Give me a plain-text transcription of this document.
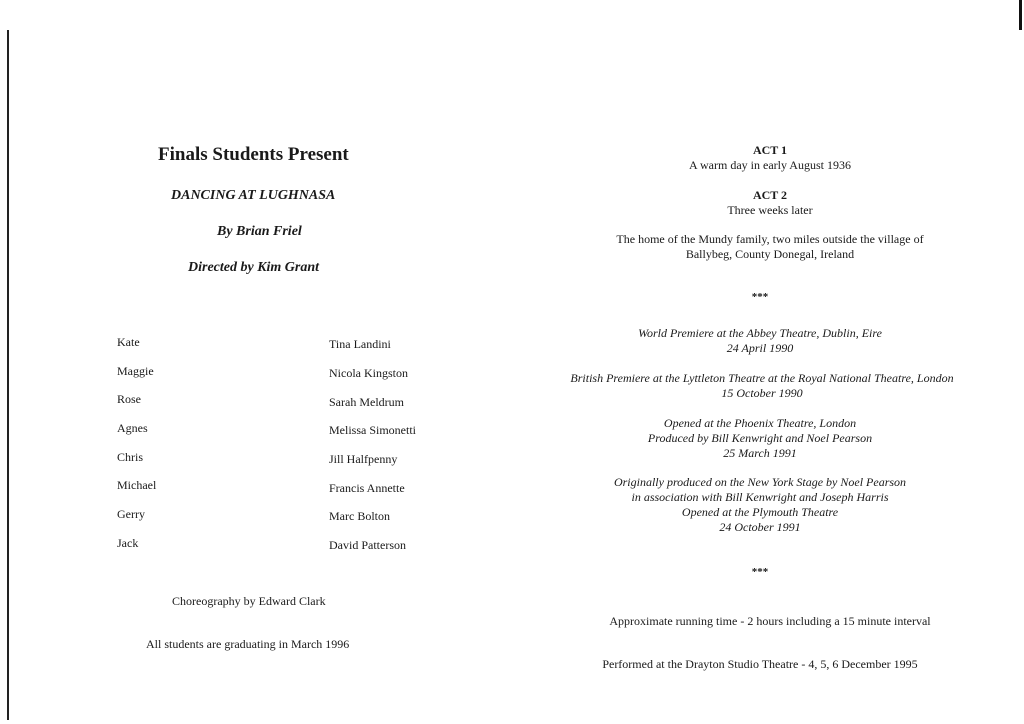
Finals Students Present
DANCING AT LUGHNASA
By Brian Friel
Directed by Kim Grant
Kate	Tina Landini
Maggie	Nicola Kingston
Rose	Sarah Meldrum
Agnes	Melissa Simonetti
Chris	Jill Halfpenny
Michael	Francis Annette
Gerry	Marc Bolton
Jack	David Patterson
Choreography by Edward Clark
All students are graduating in March 1996
ACT 1
A warm day in early August 1936
ACT 2
Three weeks later
The home of the Mundy family, two miles outside the village of
Ballybeg, County Donegal, Ireland
***
World Premiere at the Abbey Theatre, Dublin, Eire
24 April 1990
British Premiere at the Lyttleton Theatre at the Royal National Theatre, London
15 October 1990
Opened at the Phoenix Theatre, London
Produced by Bill Kenwright and Noel Pearson
25 March 1991
Originally produced on the New York Stage by Noel Pearson
in association with Bill Kenwright and Joseph Harris
Opened at the Plymouth Theatre
24 October 1991
***
Approximate running time - 2 hours including a 15 minute interval
Performed at the Drayton Studio Theatre - 4, 5, 6 December 1995
